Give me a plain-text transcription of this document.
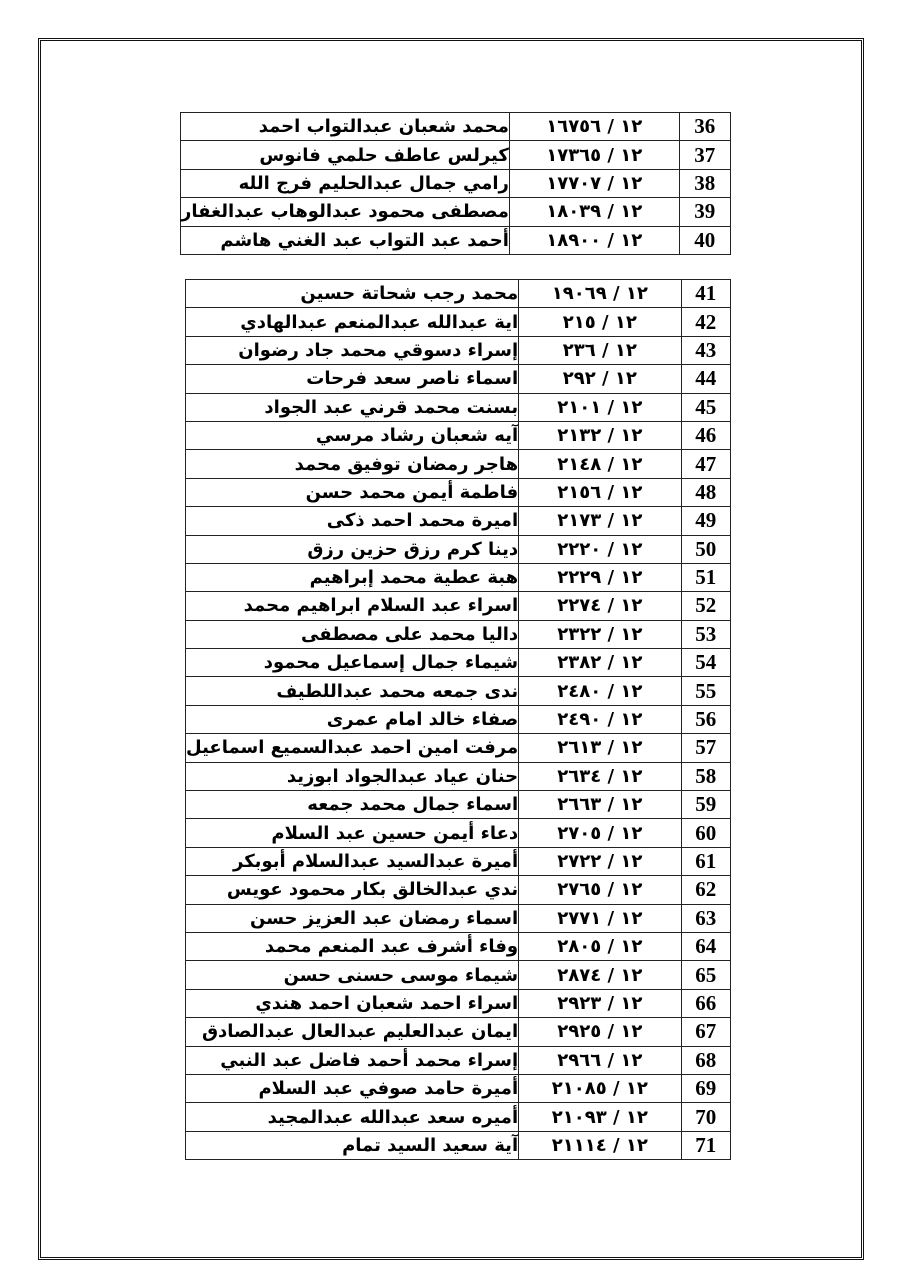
36	١٢ / ١٦٧٥٦	محمد شعبان عبدالتواب احمد
37	١٢ / ١٧٣٦٥	كيرلس عاطف حلمي فانوس
38	١٢ / ١٧٧٠٧	رامي جمال عبدالحليم فرج الله
39	١٢ / ١٨٠٣٩	مصطفى محمود عبدالوهاب عبدالغفار
40	١٢ / ١٨٩٠٠	أحمد عبد التواب عبد الغني هاشم
41	١٢ / ١٩٠٦٩	محمد رجب شحاتة حسين
42	١٢ / ٢١٥	اية عبدالله عبدالمنعم عبدالهادي
43	١٢ / ٢٣٦	إسراء دسوقي محمد جاد رضوان
44	١٢ / ٢٩٢	اسماء ناصر سعد فرحات
45	١٢ / ٢١٠١	بسنت محمد قرني عبد الجواد
46	١٢ / ٢١٣٢	آيه شعبان رشاد مرسي
47	١٢ / ٢١٤٨	هاجر رمضان توفيق محمد
48	١٢ / ٢١٥٦	فاطمة أيمن محمد حسن
49	١٢ / ٢١٧٣	اميرة محمد احمد ذكى
50	١٢ / ٢٢٢٠	دينا كرم رزق حزين رزق
51	١٢ / ٢٢٢٩	هبة عطية محمد إبراهيم
52	١٢ / ٢٢٧٤	اسراء عبد السلام ابراهيم محمد
53	١٢ / ٢٣٢٢	داليا محمد على مصطفى
54	١٢ / ٢٣٨٢	شيماء جمال إسماعيل محمود
55	١٢ / ٢٤٨٠	ندى جمعه محمد عبداللطيف
56	١٢ / ٢٤٩٠	صفاء خالد امام عمرى
57	١٢ / ٢٦١٣	مرفت امين احمد عبدالسميع اسماعيل
58	١٢ / ٢٦٣٤	حنان عياد عبدالجواد ابوزيد
59	١٢ / ٢٦٦٣	اسماء جمال محمد جمعه
60	١٢ / ٢٧٠٥	دعاء أيمن حسين عبد السلام
61	١٢ / ٢٧٢٢	أميرة عبدالسيد عبدالسلام أبوبكر
62	١٢ / ٢٧٦٥	ندي عبدالخالق بكار محمود عويس
63	١٢ / ٢٧٧١	اسماء رمضان عبد العزيز حسن
64	١٢ / ٢٨٠٥	وفاء أشرف عبد المنعم محمد
65	١٢ / ٢٨٧٤	شيماء موسى حسنى حسن
66	١٢ / ٢٩٢٣	اسراء احمد شعبان احمد هندي
67	١٢ / ٢٩٢٥	ايمان عبدالعليم عبدالعال عبدالصادق
68	١٢ / ٢٩٦٦	إسراء محمد أحمد فاضل عبد النبي
69	١٢ / ٢١٠٨٥	أميرة حامد صوفي عبد السلام
70	١٢ / ٢١٠٩٣	أميره سعد عبدالله عبدالمجيد
71	١٢ / ٢١١١٤	آية سعيد السيد تمام
